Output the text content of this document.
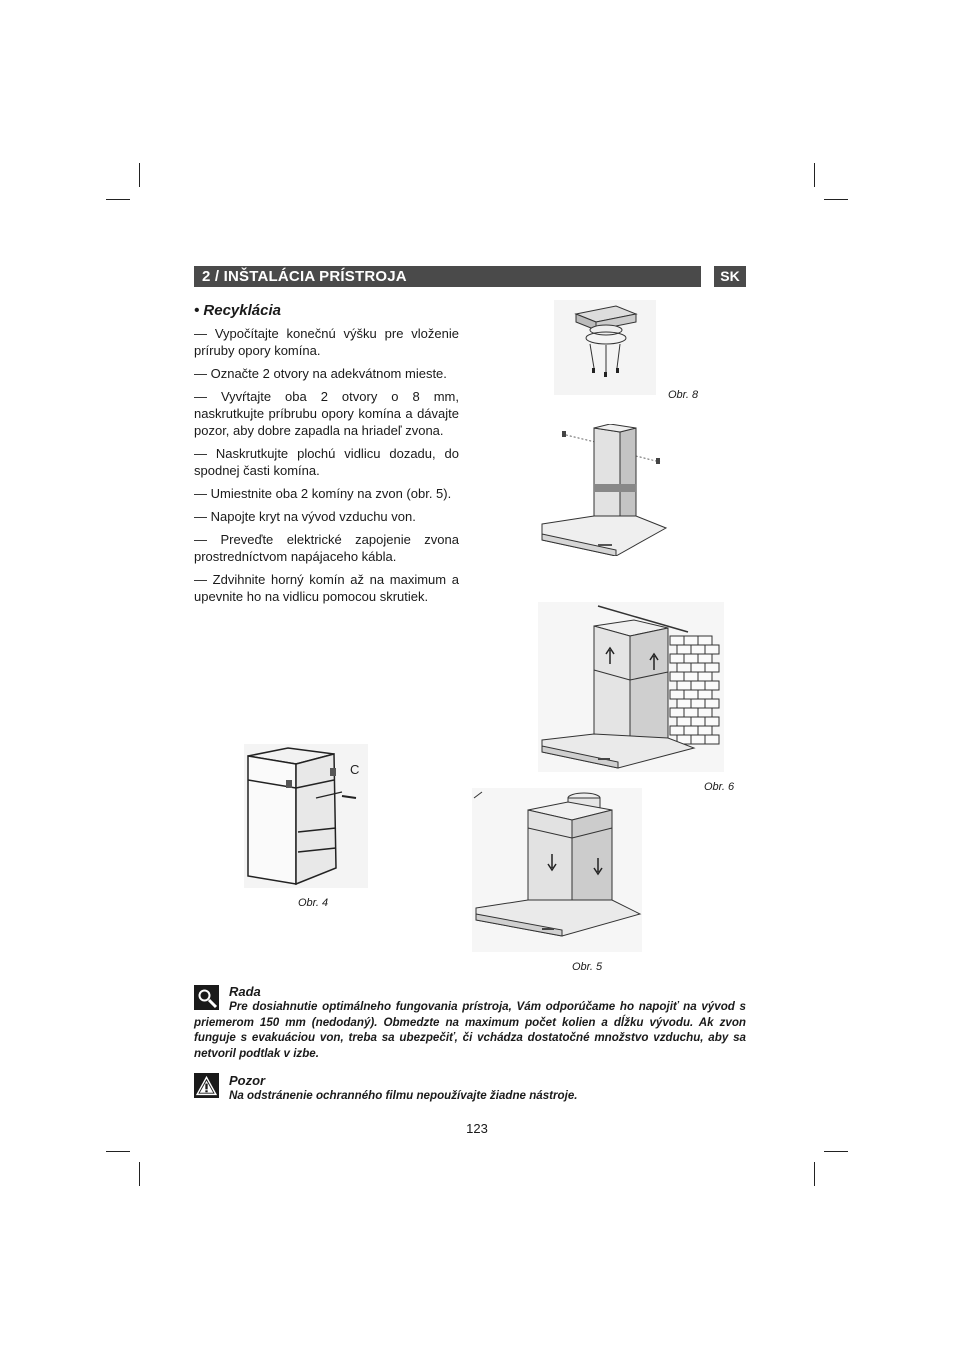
2 / INŠTALÁCIA PRÍSTROJA	SK
• Recyklácia

— Vypočítajte konečnú výšku pre vloženie príruby opory komína.

— Označte 2 otvory na adekvátnom mieste.

— Vyvŕtajte oba 2 otvory o 8 mm, naskrutkujte príbrubu opory komína a dávajte pozor, aby dobre zapadla na hriadeľ zvona.

— Naskrutkujte plochú vidlicu dozadu, do spodnej časti komína.

— Umiestnite oba 2 komíny na zvon (obr. 5).

— Napojte kryt na vývod vzduchu von.

— Preveďte elektrické zapojenie zvona prostredníctvom napájaceho kábla.

— Zdvihnite horný komín až na maximum a upevnite ho na vidlicu pomocou skrutiek.

Obr. 8
Obr. 6
C
Obr. 4
Obr. 5
Rada
Pre dosiahnutie optimálneho fungovania prístroja, Vám odporúčame ho napojiť na vývod s priemerom 150 mm (nedodaný). Obmedzte na maximum počet kolien a dĺžku vývodu. Ak zvon funguje s evakuáciou von, treba sa ubezpečiť, či vchádza dostatočné množstvo vzduchu, aby sa netvoril podtlak v izbe.
Pozor
Na odstránenie ochranného filmu nepoužívajte žiadne nástroje.
123
